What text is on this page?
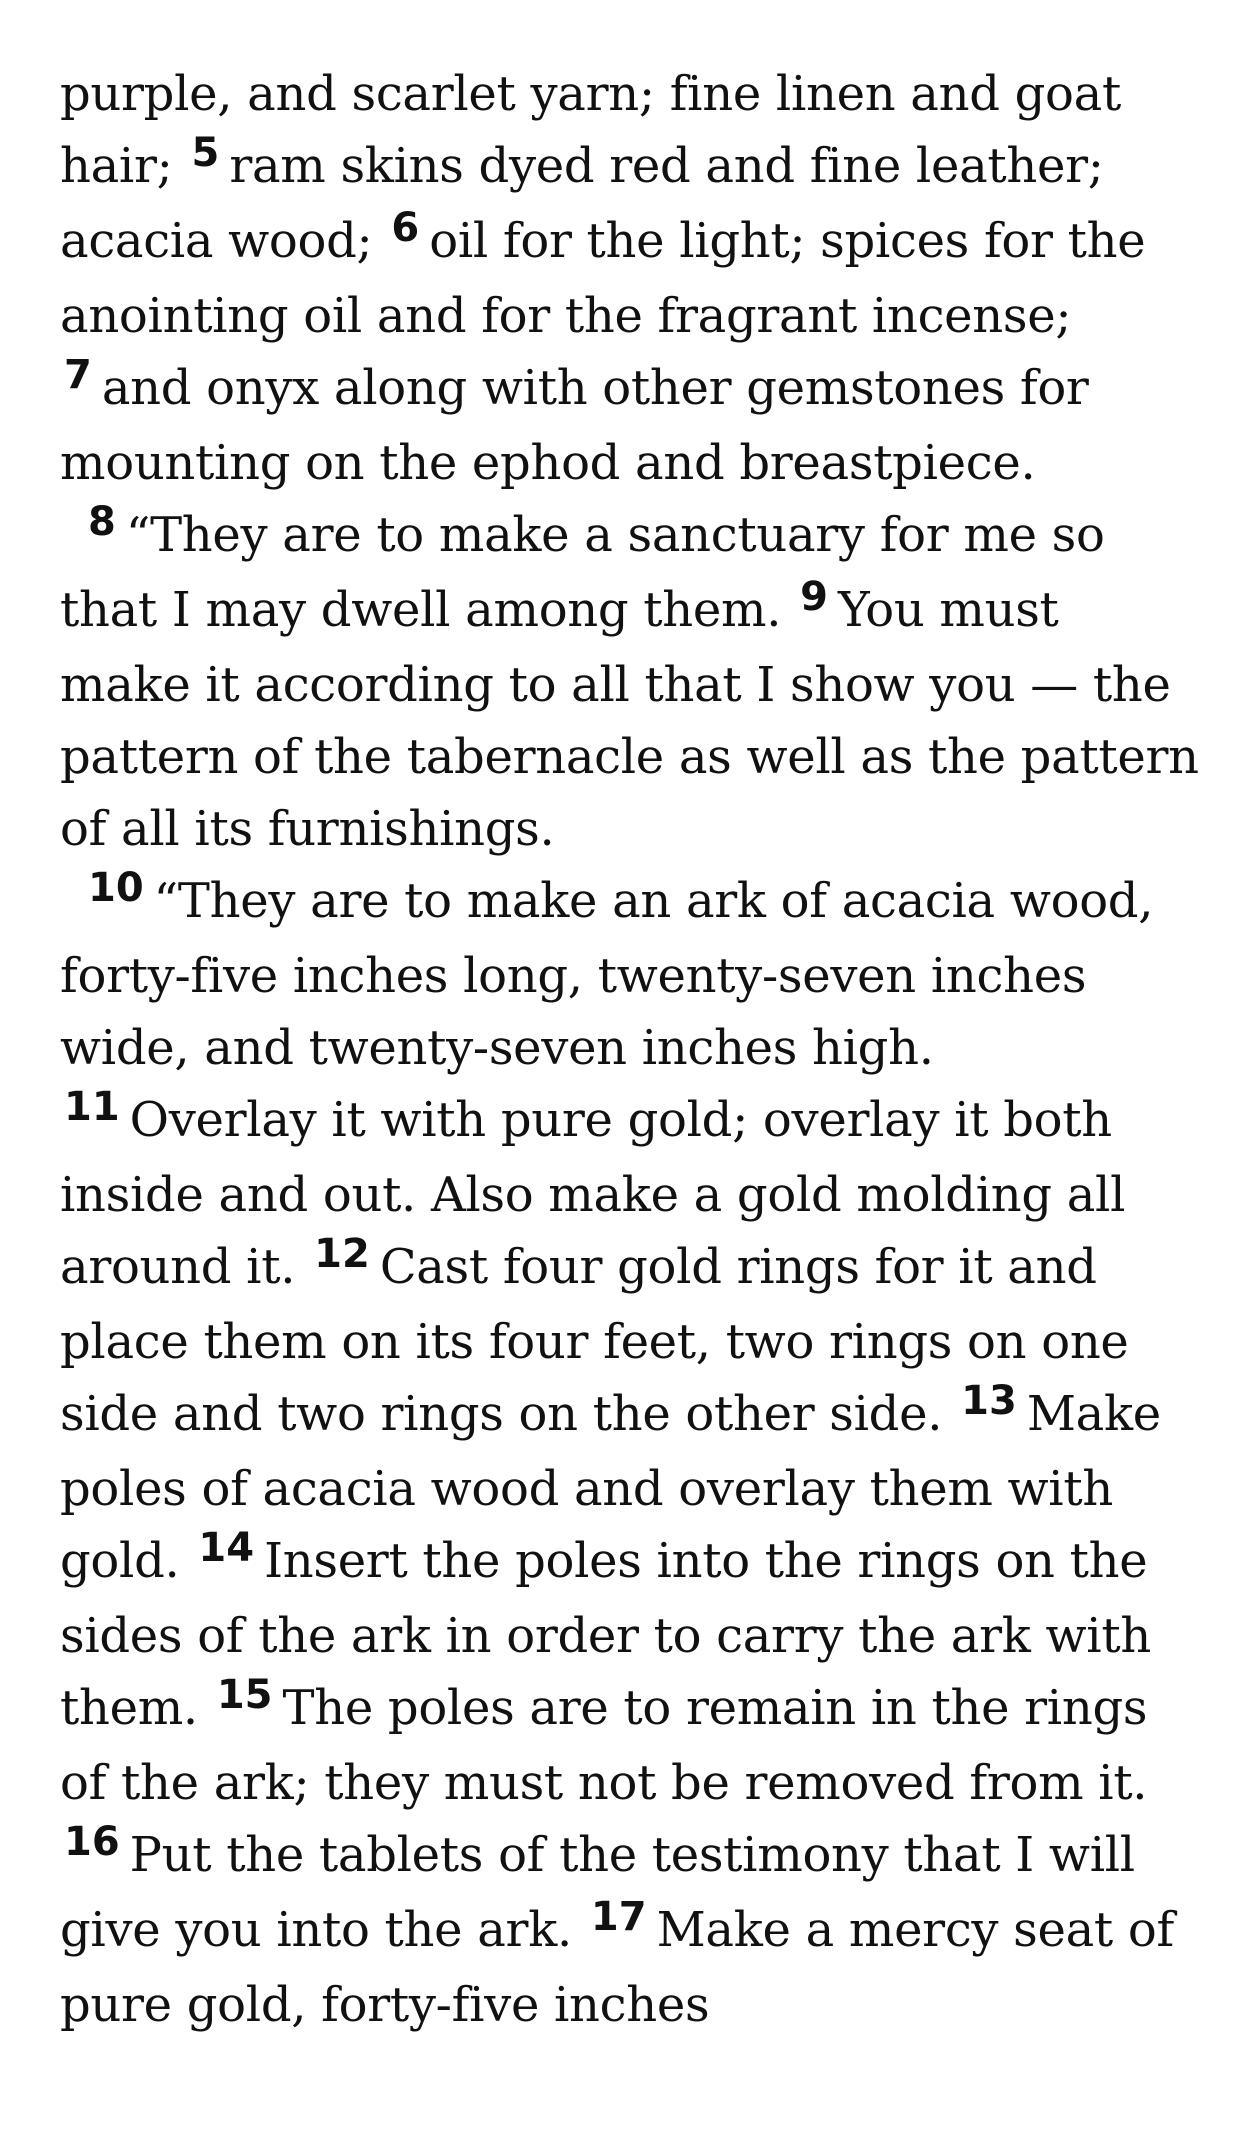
purple, and scarlet yarn; fine linen and goat hair; $^5$ ram skins dyed red and fine leather; acacia wood; $^6$ oil for the light; spices for the anointing oil and for the fragrant incense; $^7$ and onyx along with other gemstones for mounting on the ephod and breastpiece.

$^8$ “They are to make a sanctuary for me so that I may dwell among them. $^9$ You must make it according to all that I show you — the pattern of the tabernacle as well as the pattern of all its furnishings.

$^{10}$ “They are to make an ark of acacia wood, forty-five inches long, twenty-seven inches wide, and twenty-seven inches high. $^{11}$ Overlay it with pure gold; overlay it both inside and out. Also make a gold molding all around it. $^{12}$ Cast four gold rings for it and place them on its four feet, two rings on one side and two rings on the other side. $^{13}$ Make poles of acacia wood and overlay them with gold. $^{14}$ Insert the poles into the rings on the sides of the ark in order to carry the ark with them. $^{15}$ The poles are to remain in the rings of the ark; they must not be removed from it. $^{16}$ Put the tablets of the testimony that I will give you into the ark. $^{17}$ Make a mercy seat of pure gold, forty-five inches
